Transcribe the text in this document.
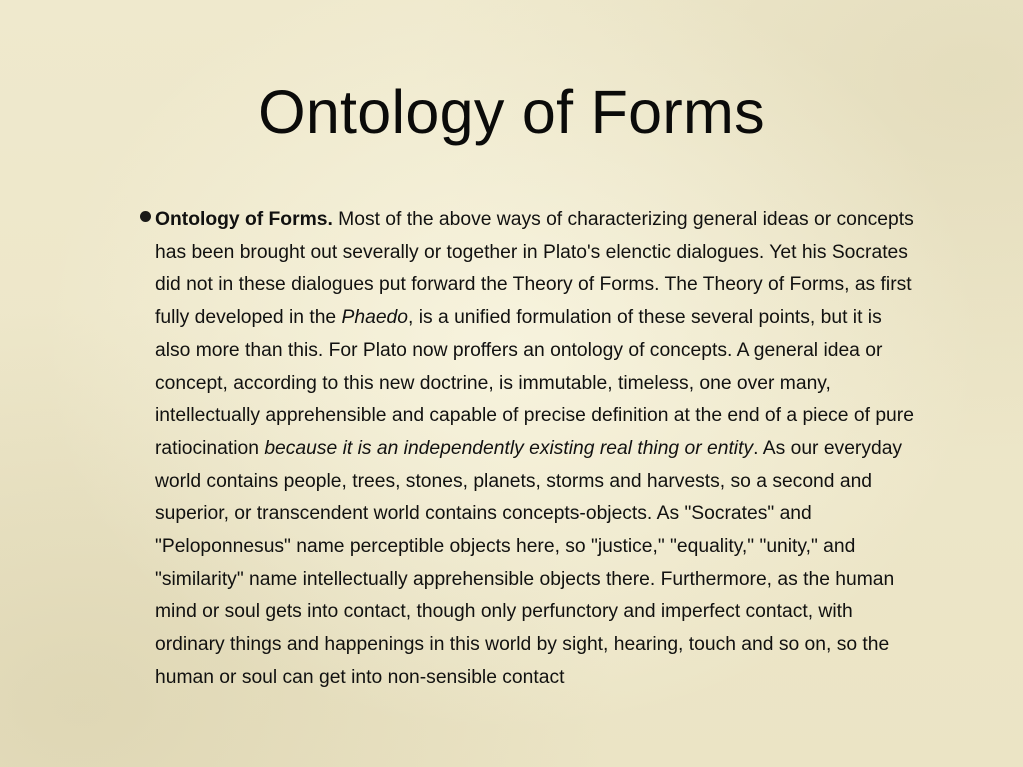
Ontology of Forms
Ontology of Forms. Most of the above ways of characterizing general ideas or concepts has been brought out severally or together in Plato's elenctic dialogues. Yet his Socrates did not in these dialogues put forward the Theory of Forms. The Theory of Forms, as first fully developed in the Phaedo, is a unified formulation of these several points, but it is also more than this. For Plato now proffers an ontology of concepts. A general idea or concept, according to this new doctrine, is immutable, timeless, one over many, intellectually apprehensible and capable of precise definition at the end of a piece of pure ratiocination because it is an independently existing real thing or entity. As our everyday world contains people, trees, stones, planets, storms and harvests, so a second and superior, or transcendent world contains concepts-objects. As "Socrates" and "Peloponnesus" name perceptible objects here, so "justice," "equality," "unity," and "similarity" name intellectually apprehensible objects there. Furthermore, as the human mind or soul gets into contact, though only perfunctory and imperfect contact, with ordinary things and happenings in this world by sight, hearing, touch and so on, so the human or soul can get into non-sensible contact
